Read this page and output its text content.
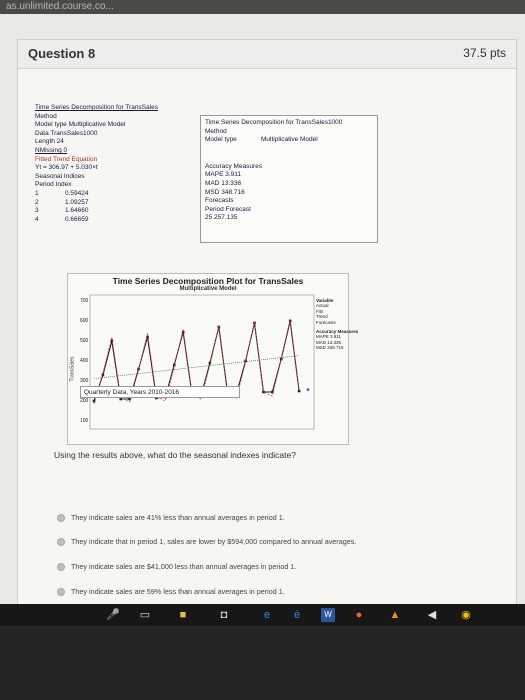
as.unlimited.course.co...
Question 8	37.5 pts
Time Series Decomposition for TransSales
Method
Model type Multiplicative Model
Data TransSales1000
Length 24
NMissing 0
Fitted Trend Equation
Yt = 306.97 + 5.030×t
Seasonal Indices
Period Index
1	0.59424
2	1.09257
3	1.64660
4	0.66659
Time Series Decomposition for TransSales1000
Method
Model type	Multiplicative Model
Accuracy Measures
MAPE 3.911
MAD 13.336
MSD 348.716
Forecasts
Period Forecast
25 257.135
Time Series Decomposition Plot for TransSales
Multiplicative Model
TransSales
700
600
500
400
300
200
100
Variable
Actual
Fits
Trend
Forecasts
Accuracy Measures
MAPE 3.911
MAD 13.336
MSD 348.716
Quarterly Data, Years 2010-2016
Using the results above, what do the seasonal indexes indicate?
They indicate sales are 41% less than annual averages in period 1.
They indicate that in period 1, sales are lower by $594,000 compared to annual averages.
They indicate sales are $41,000 less than annual averages in period 1.
They indicate sales are 59% less than annual averages in period 1.
🎤 ▭	■	◘	e	ė	W	●	▲ ◀ ◉
